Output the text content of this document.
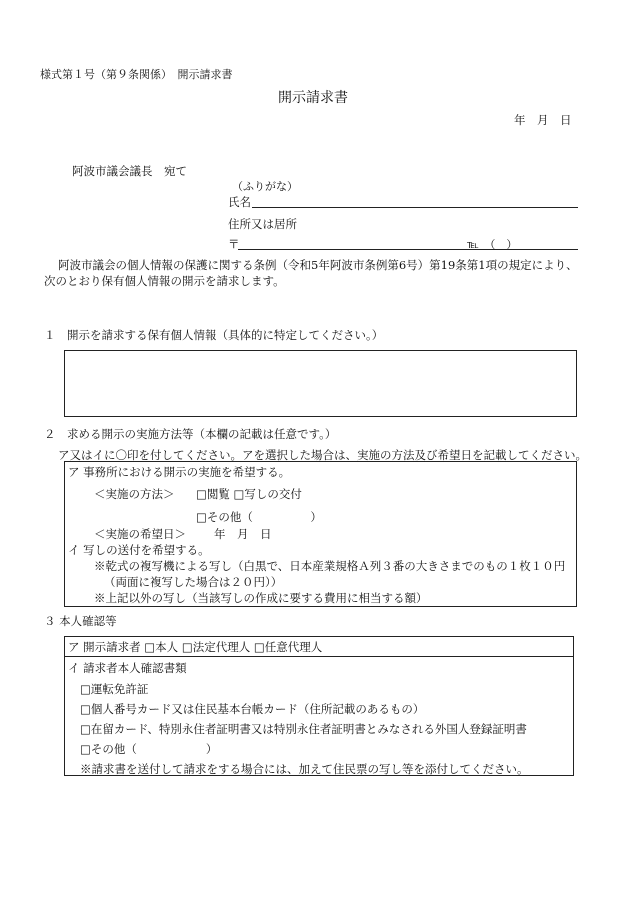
様式第１号（第９条関係）　開示請求書
開示請求書
年　月　日
阿波市議会議長　宛て
（ふりがな）
氏名
住所又は居所
〒	℡　（　）
阿波市議会の個人情報の保護に関する条例（令和5年阿波市条例第6号）第19条第1項の規定により、
次のとおり保有個人情報の開示を請求します。
１　開示を請求する保有個人情報（具体的に特定してください。）
２　求める開示の実施方法等（本欄の記載は任意です。）
ア又はイに〇印を付してください。アを選択した場合は、実施の方法及び希望日を記載してください。
ア 事務所における開示の実施を希望する。
＜実施の方法＞ □閲覧 □写しの交付
□その他（　　　　　）
＜実施の希望日＞ 年　月　日
イ 写しの送付を希望する。
※乾式の複写機による写し（白黒で、日本産業規格Ａ列３番の大きさまでのもの１枚１０円
（両面に複写した場合は２０円））
※上記以外の写し（当該写しの作成に要する費用に相当する額）
３ 本人確認等
ア 開示請求者 □本人 □法定代理人 □任意代理人
イ 請求者本人確認書類
□運転免許証
□個人番号カード又は住民基本台帳カード（住所記載のあるもの）
□在留カード、特別永住者証明書又は特別永住者証明書とみなされる外国人登録証明書
□その他（　　　　　　）
※請求書を送付して請求をする場合には、加えて住民票の写し等を添付してください。
